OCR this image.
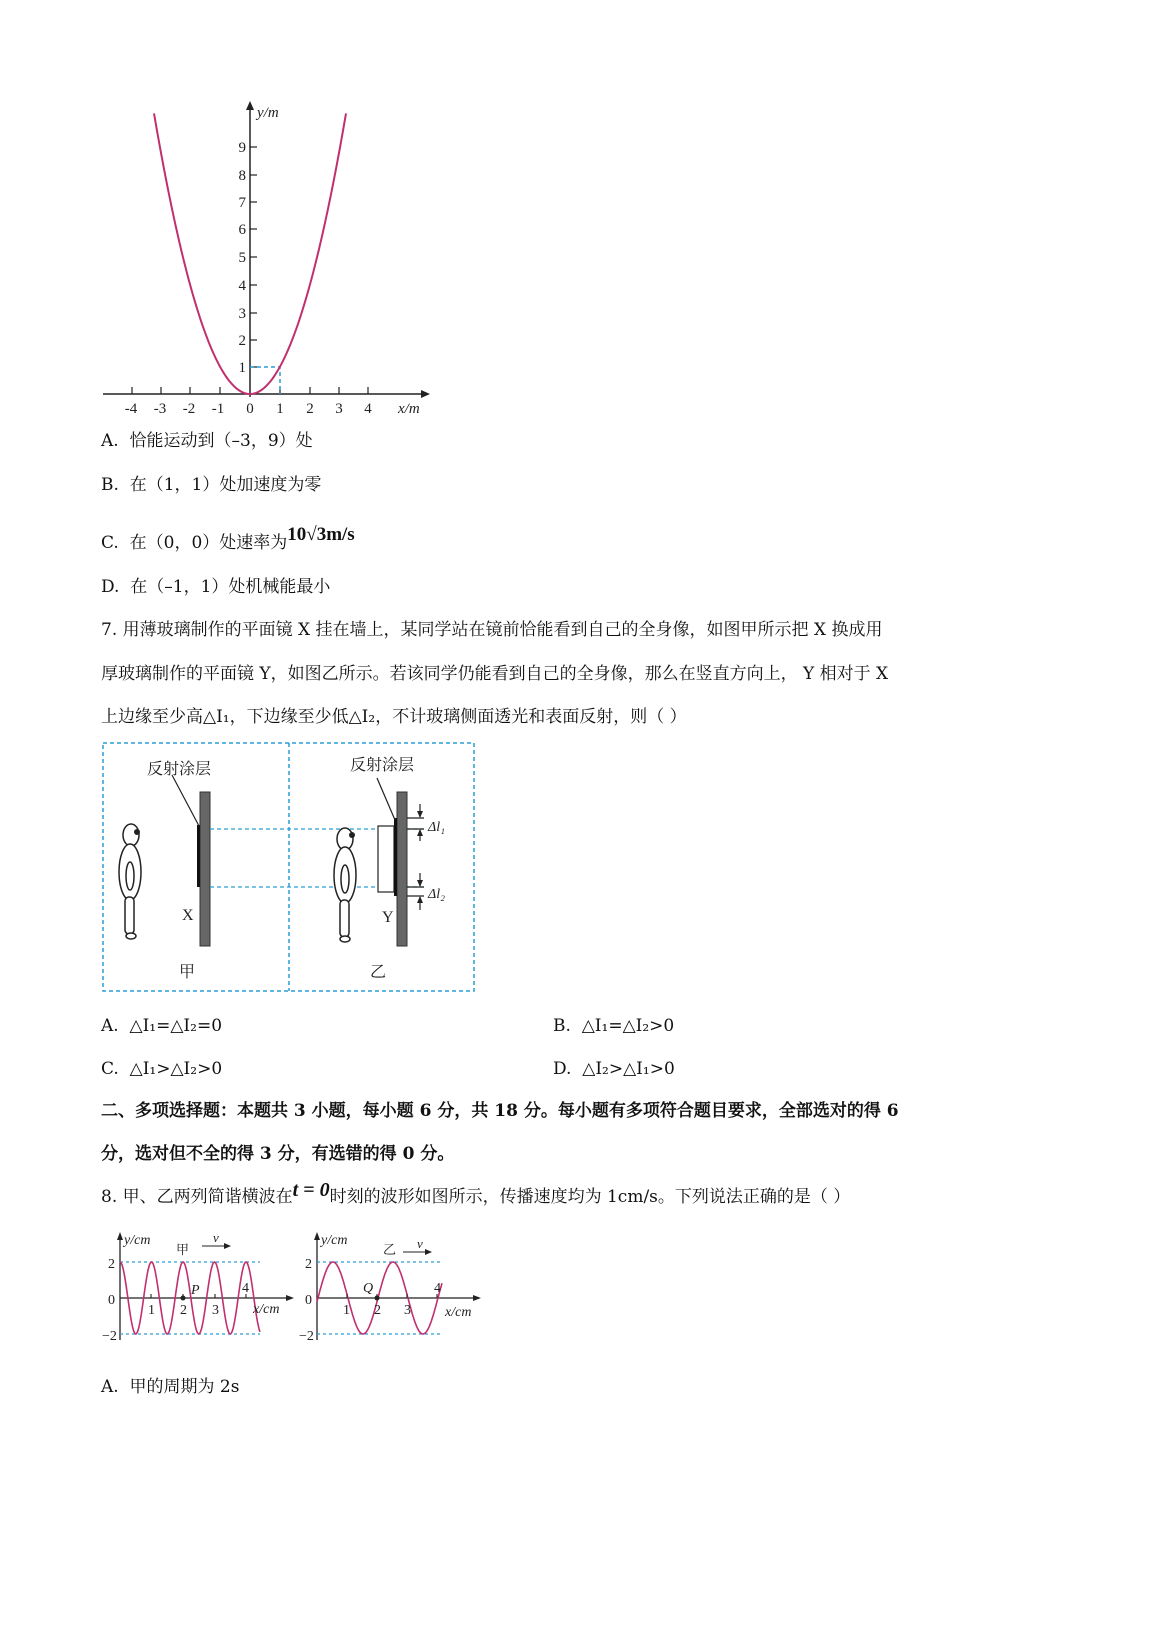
1
2
3
4
5
6
7
8
9
-4 -3 -2 -1 0 1 2 3 4
y/m
x/m
A. 恰能运动到（–3，9）处
B. 在（1，1）处加速度为零
C. 在（0，0）处速率为10√3m/s
D. 在（–1，1）处机械能最小
7. 用薄玻璃制作的平面镜 X 挂在墙上，某同学站在镜前恰能看到自己的全身像，如图甲所示把 X 换成用
厚玻璃制作的平面镜 Y，如图乙所示。若该同学仍能看到自己的全身像，那么在竖直方向上， Y 相对于 X
上边缘至少高△I₁，下边缘至少低△I₂，不计玻璃侧面透光和表面反射，则（ ）
反射涂层
X
反射涂层
Y
Δl₁
Δl₂
甲	乙
A. △I₁=△I₂=0	B. △I₁=△I₂>0
C. △I₁>△I₂>0	D. △I₂>△I₁>0
二、多项选择题：本题共 3 小题，每小题 6 分，共 18 分。每小题有多项符合题目要求，全部选对的得 6
分，选对但不全的得 3 分，有选错的得 0 分。
8. 甲、乙两列简谐横波在t = 0时刻的波形如图所示，传播速度均为 1cm/s。下列说法正确的是（ ）
2
0
−2
1 2 3
4
y/cm
x/cm
甲
v
P
2
0
−2
1 2 3
4
y/cm
x/cm
乙 v
Q
A. 甲的周期为 2s
